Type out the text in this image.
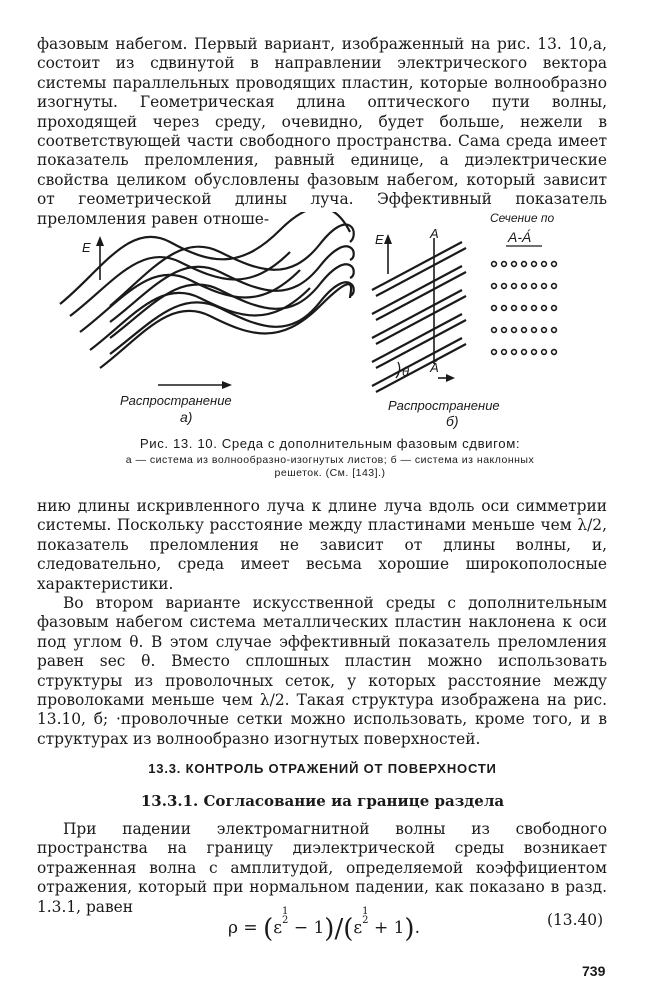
фазовым набегом. Первый вариант, изображенный на рис. 13. 10,а, состоит из сдвинутой в направлении электрического вектора системы параллельных проводящих пластин, которые волнообразно изогнуты. Геометрическая длина оптического пути волны, проходящей через среду, очевидно, будет больше, нежели в соответствующей части свободного пространства. Сама среда имеет показатель преломления, равный единице, а диэлектрические свойства целиком обусловлены фазовым набегом, который зависит от геометрической длины луча. Эффективный показатель преломления равен отноше-

E
Распространение
а)
A
Á
E
θ
Распространение
б)
Сечение по
А-А́

Рис. 13. 10. Среда с дополнительным фазовым сдвигом:

а — система из волнообразно-изогнутых листов; б — система из наклонных
решеток. (См. [143].)

нию длины искривленного луча к длине луча вдоль оси симметрии системы. Поскольку расстояние между пластинами меньше чем λ/2, показатель преломления не зависит от длины волны, и, следовательно, среда имеет весьма хорошие широкополосные характеристики.

Во втором варианте искусственной среды с дополнительным фазовым набегом система металлических пластин наклонена к оси под углом θ. В этом случае эффективный показатель преломления равен sec θ. Вместо сплошных пластин можно использовать структуры из проволочных сеток, у которых расстояние между проволоками меньше чем λ/2. Такая структура изображена на рис. 13.10, б; ·проволочные сетки можно использовать, кроме того, и в структурах из волнообразно изогнутых поверхностей.

13.3. КОНТРОЛЬ ОТРАЖЕНИЙ ОТ ПОВЕРХНОСТИ

13.3.1. Согласование иа границе раздела

При падении электромагнитной волны из свободного пространства на границу диэлектрической среды возникает отраженная волна с амплитудой, определяемой коэффициентом отражения, который при нормальном падении, как показано в разд. 1.3.1, равен

$\rho = (\varepsilon^{1 2} - 1)/(\varepsilon^{1 2} + 1)$.	(13.40)
739
